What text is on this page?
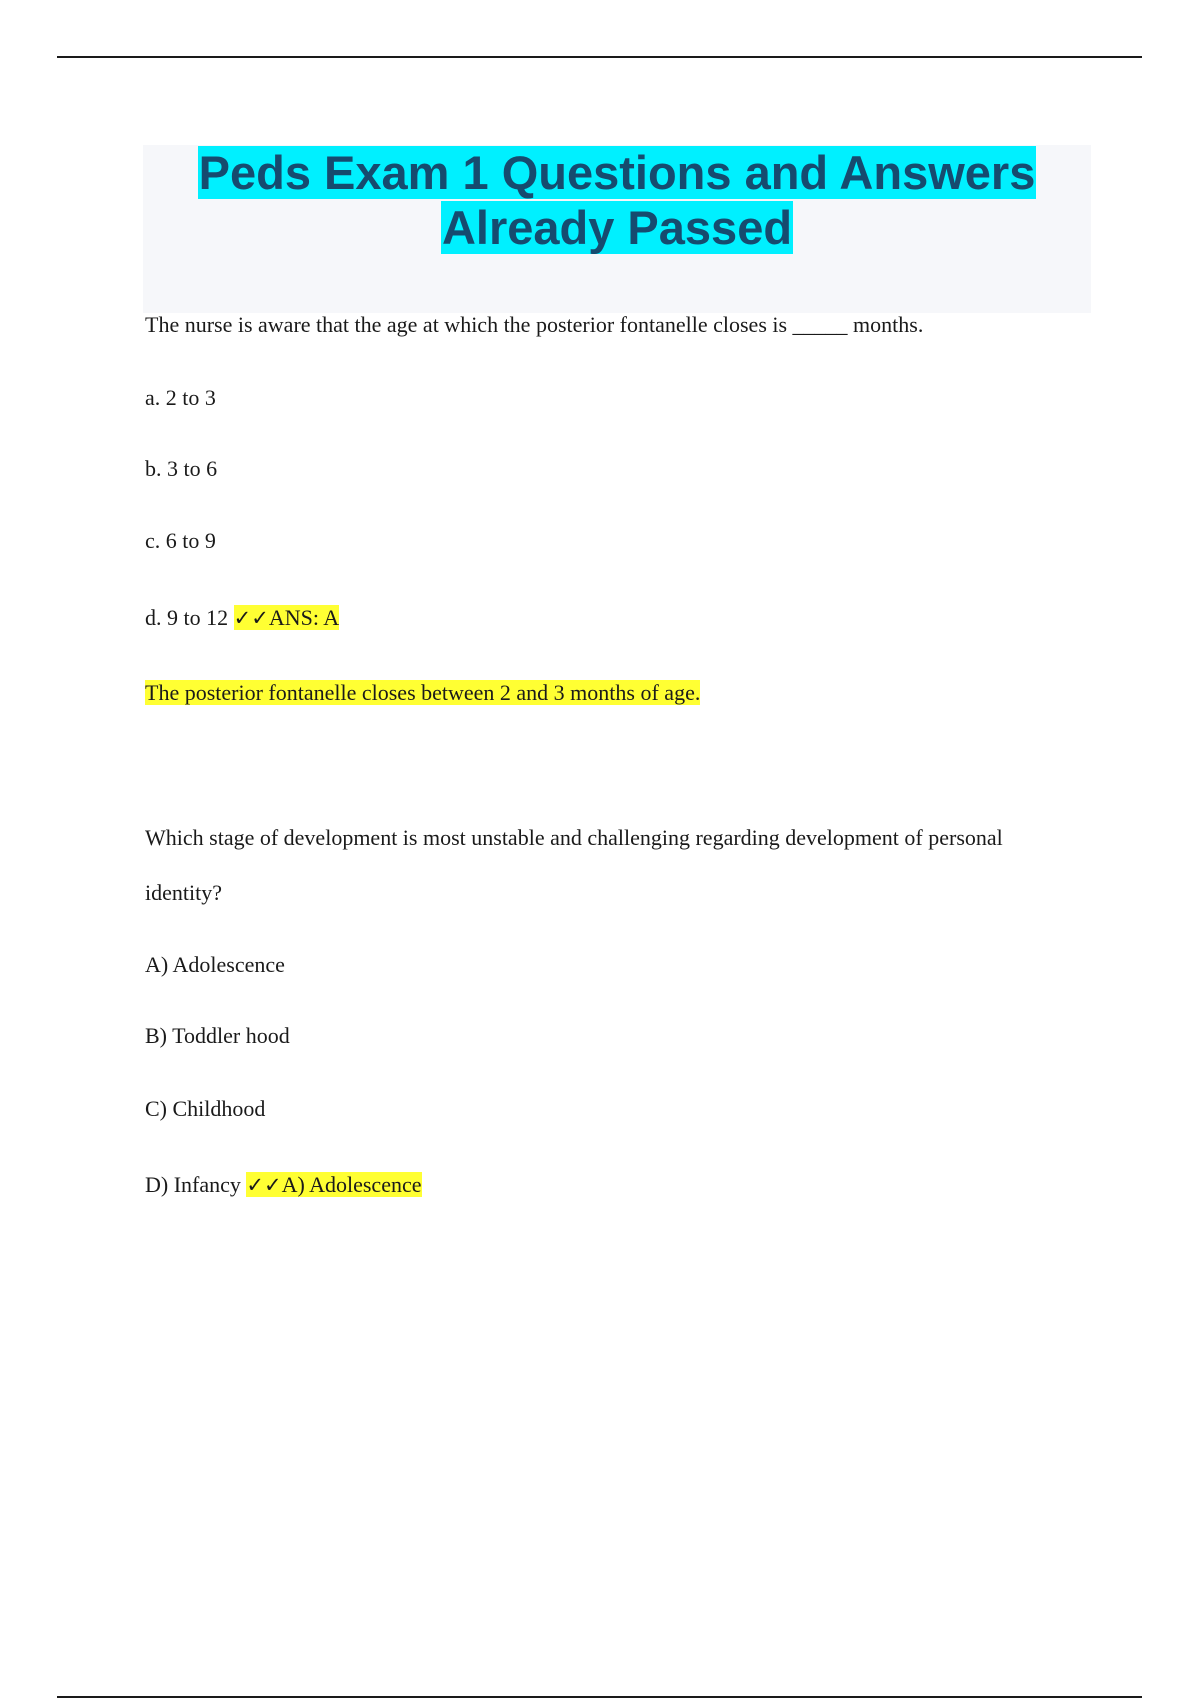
Peds Exam 1 Questions and Answers
Already Passed

The nurse is aware that the age at which the posterior fontanelle closes is _____ months.

a. 2 to 3

b. 3 to 6

c. 6 to 9

d. 9 to 12 ✓✓ANS: A

The posterior fontanelle closes between 2 and 3 months of age.

Which stage of development is most unstable and challenging regarding development of personal

identity?

A) Adolescence

B) Toddler hood

C) Childhood

D) Infancy ✓✓A) Adolescence
